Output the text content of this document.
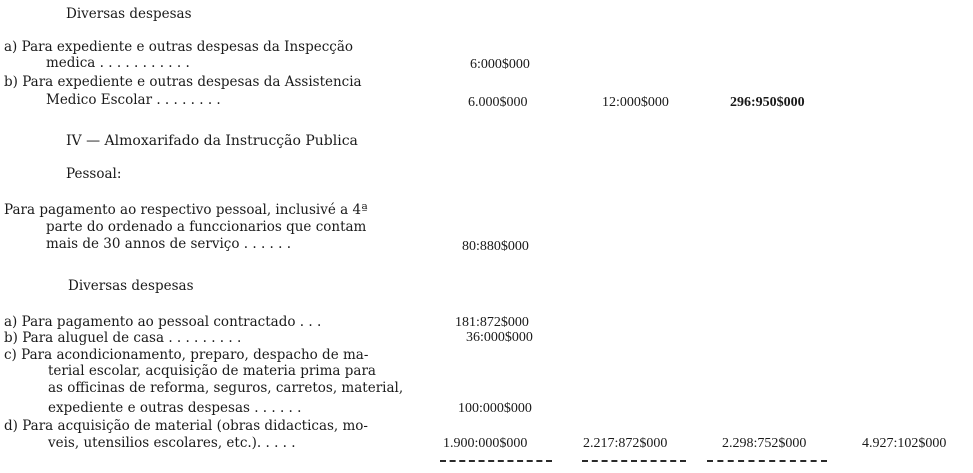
Diversas despesas
a) Para expediente e outras despesas da Inspecção
medica . . . . . . . . . . .	6:000$000
b) Para expediente e outras despesas da Assistencia
Medico Escolar . . . . . . . .	6.000$000	12:000$000	296:950$000
IV — Almoxarifado da Instrucção Publica
Pessoal:
Para pagamento ao respectivo pessoal, inclusivé a 4ª
parte do ordenado a funccionarios que contam
mais de 30 annos de serviço . . . . . .	80:880$000
Diversas despesas
a) Para pagamento ao pessoal contractado . . .	181:872$000
b) Para aluguel de casa . . . . . . . . .	36:000$000
c) Para acondicionamento, preparo, despacho de ma-
terial escolar, acquisição de materia prima para
as officinas de reforma, seguros, carretos, material,
expediente e outras despesas . . . . . .	100:000$000
d) Para acquisição de material (obras didacticas, mo-
veis, utensilios escolares, etc.). . . . .	1.900:000$000	2.217:872$000	2.298:752$000	4.927:102$000
